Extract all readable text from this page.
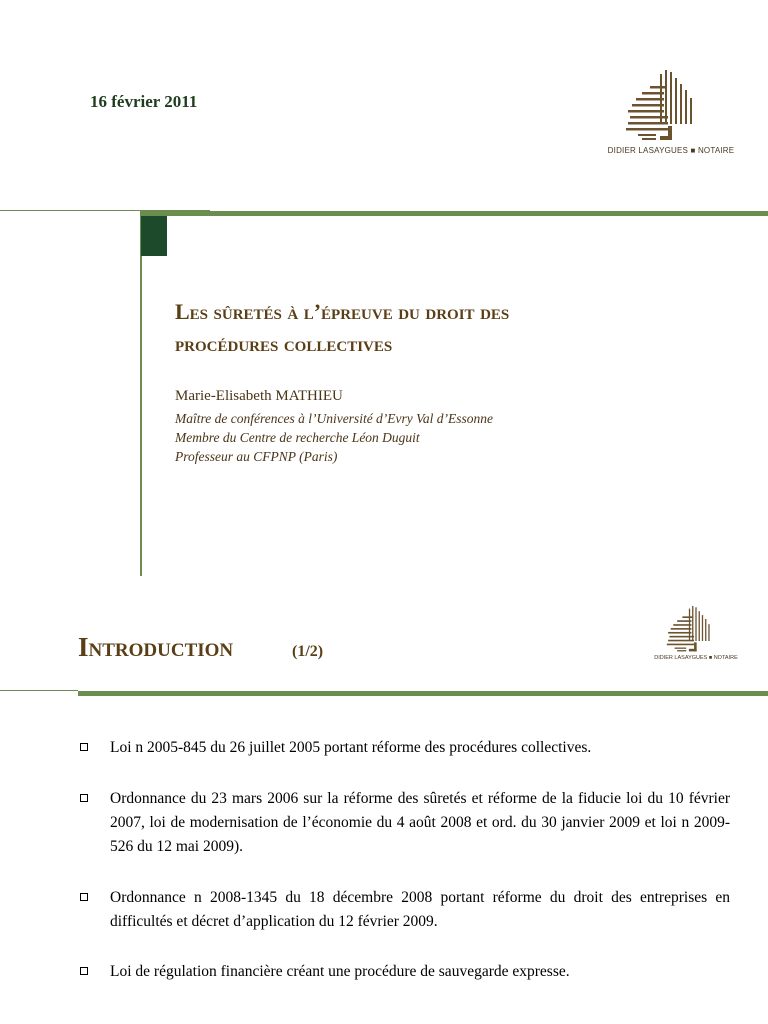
16 février 2011
DIDIER LASAYGUES ■ NOTAIRE
Les sûretés à l’épreuve du droit des
procédures collectives
Marie-Elisabeth MATHIEU
Maître de conférences à l’Université d’Evry Val d’Essonne
Membre du Centre de recherche Léon Duguit
Professeur au CFPNP (Paris)
Introduction	(1/2)	DIDIER LASAYGUES ■ NOTAIRE
Loi n 2005-845 du 26 juillet 2005 portant réforme des procédures collectives.
Ordonnance du 23 mars 2006 sur la réforme des sûretés et réforme de la fiducie loi du 10 février 2007, loi de modernisation de l’économie du 4 août 2008 et ord. du 30 janvier 2009 et loi n 2009-526 du 12 mai 2009).
Ordonnance n 2008-1345 du 18 décembre 2008 portant réforme du droit des entreprises en difficultés et décret d’application du 12 février 2009.
Loi de régulation financière créant une procédure de sauvegarde expresse.
